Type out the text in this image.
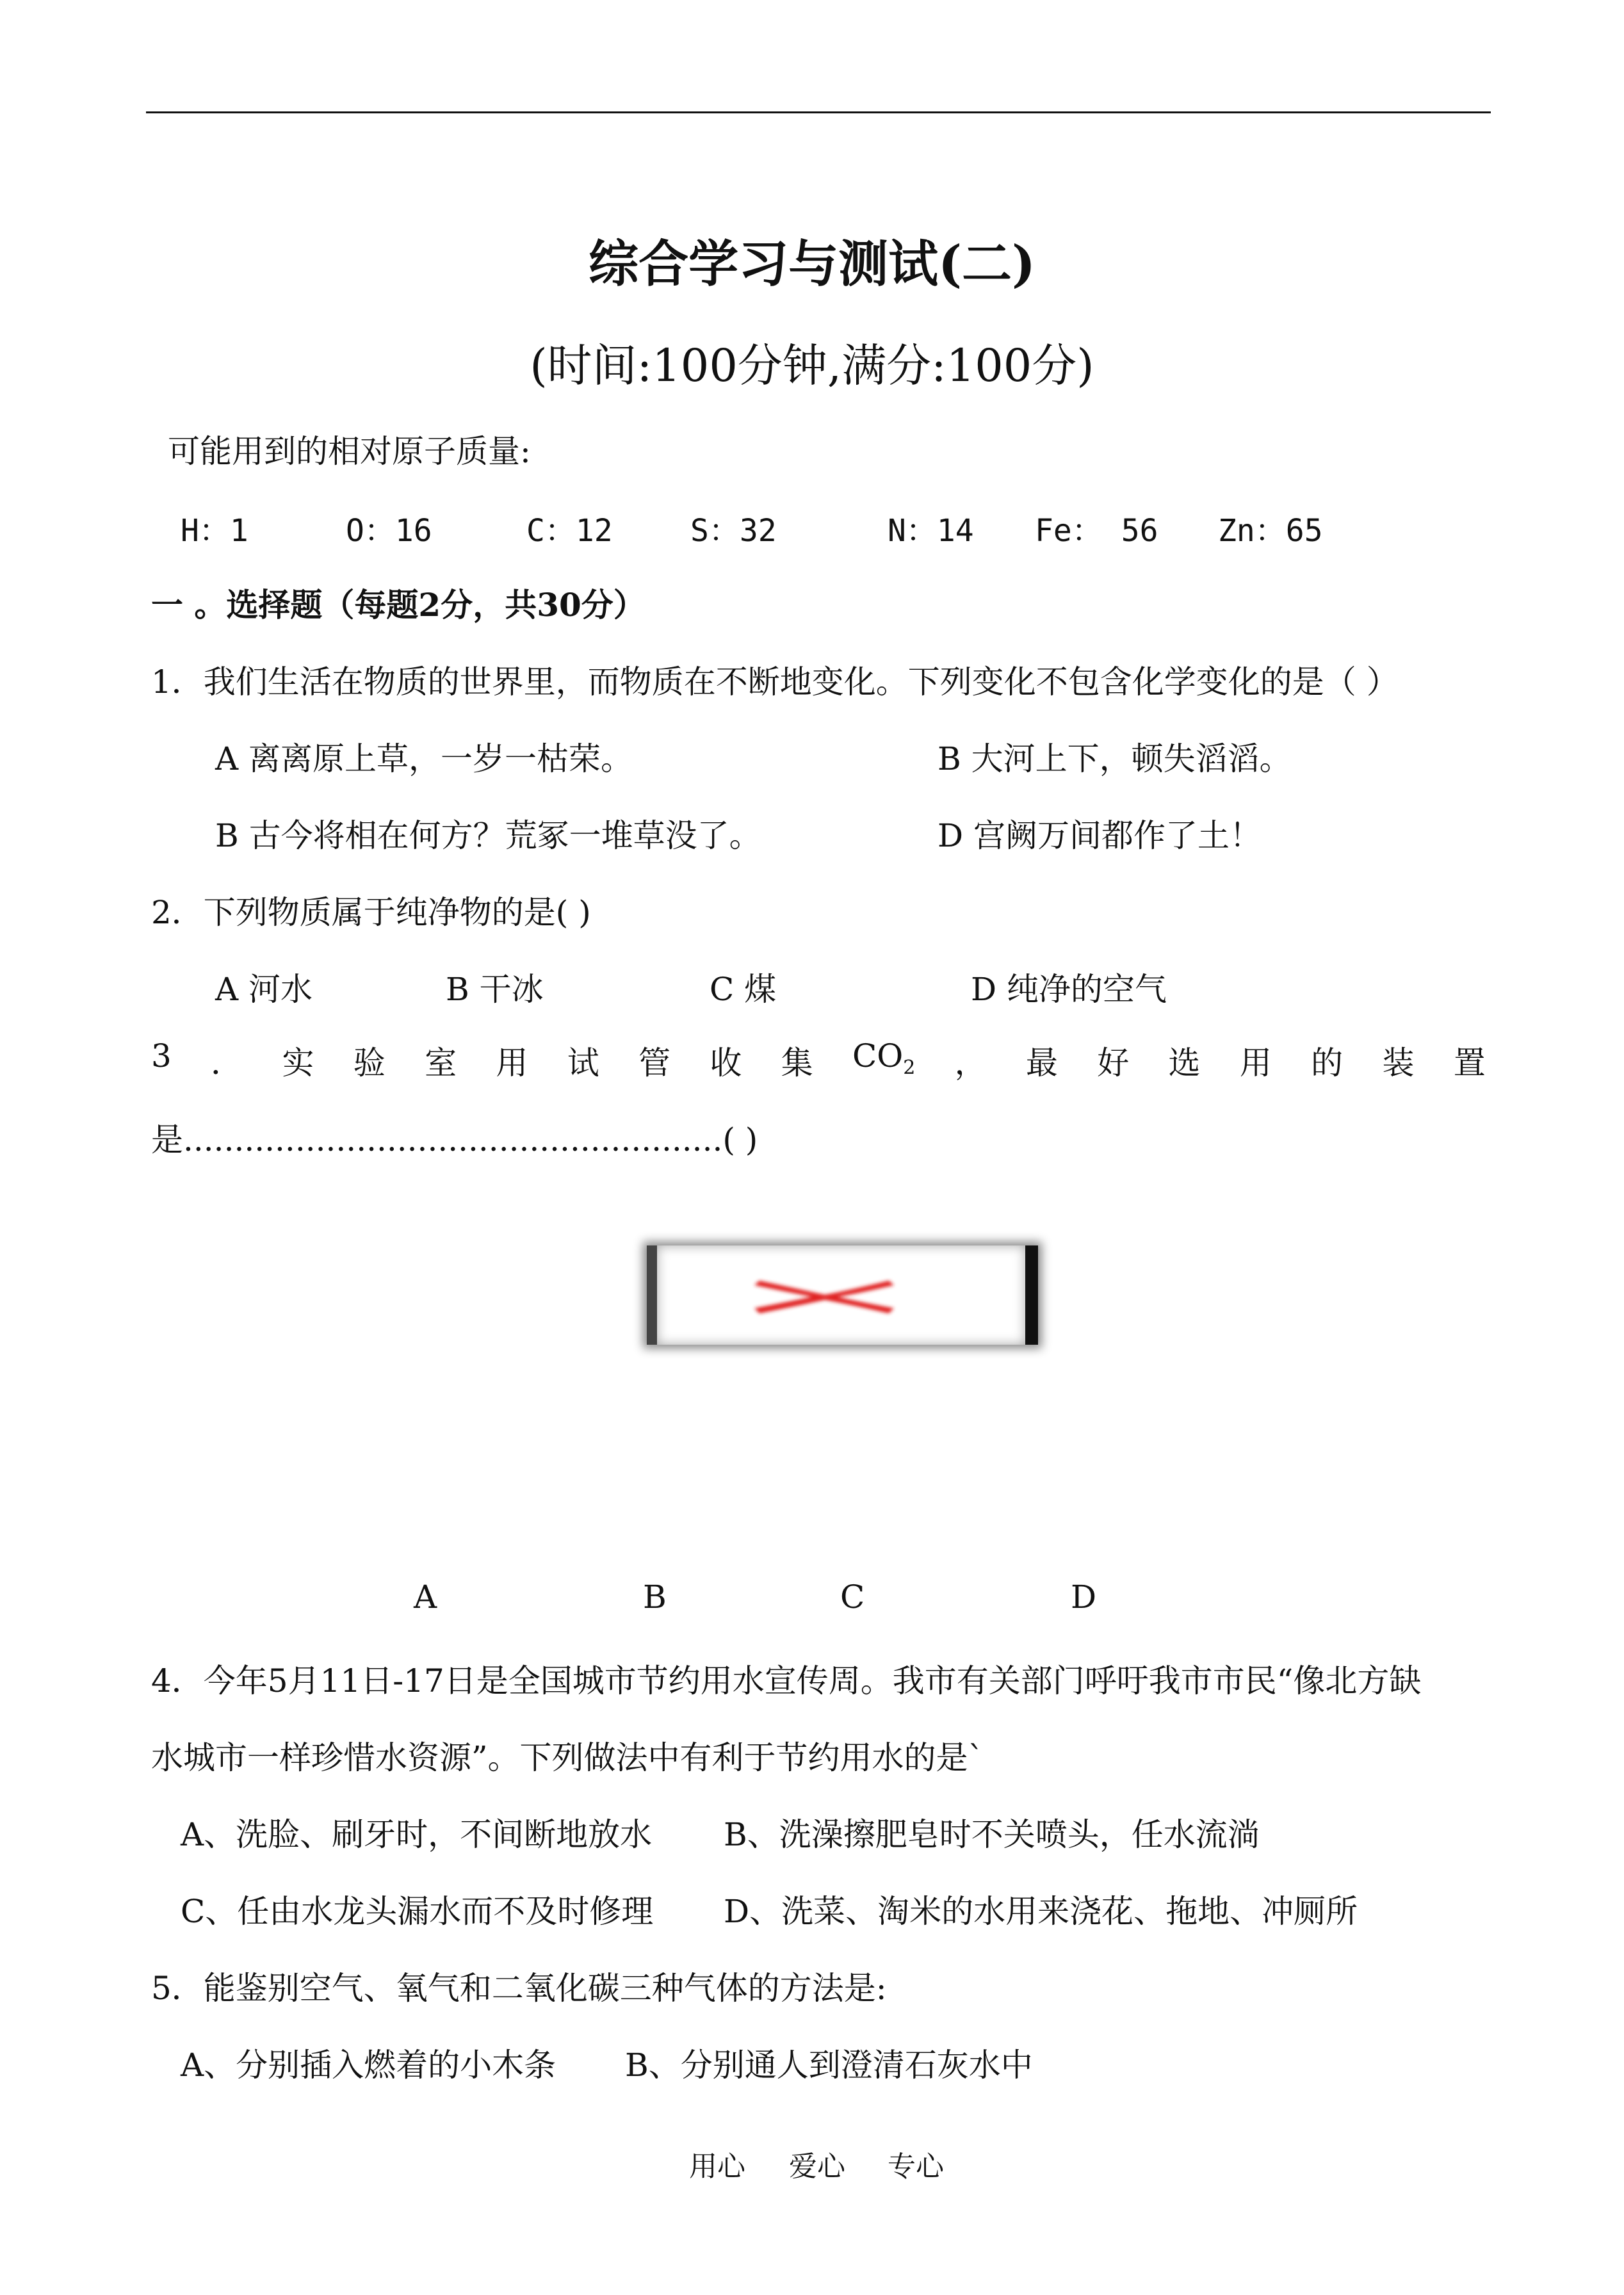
综合学习与测试(二)
(时间:100分钟,满分:100分)
可能用到的相对原子质量:
H：1	O：16	C：12	S：32	N：14 Fe： 56 Zn：65
一 。选择题（每题2分，共30分）
1．我们生活在物质的世界里，而物质在不断地变化。下列变化不包含化学变化的是（ ）
A 离离原上草，一岁一枯荣。	B 大河上下，顿失滔滔。
B 古今将相在何方？荒冢一堆草没了。	D 宫阙万间都作了土！
2．下列物质属于纯净物的是( )
A 河水	B 干冰	C 煤	D 纯净的空气
3 ． 实 验 室 用 试 管 收 集 $CO_2$ ， 最 好 选 用 的 装 置
是.....................................................( )
A	B	C	D
4．今年5月11日-17日是全国城市节约用水宣传周。我市有关部门呼吁我市市民“像北方缺
水城市一样珍惜水资源”。下列做法中有利于节约用水的是`
A、洗脸、刷牙时，不间断地放水 B、洗澡擦肥皂时不关喷头，任水流淌
C、任由水龙头漏水而不及时修理 D、洗菜、淘米的水用来浇花、拖地、冲厕所
5．能鉴别空气、氧气和二氧化碳三种气体的方法是:
A、分别插入燃着的小木条 B、分别通人到澄清石灰水中
用心 爱心 专心
